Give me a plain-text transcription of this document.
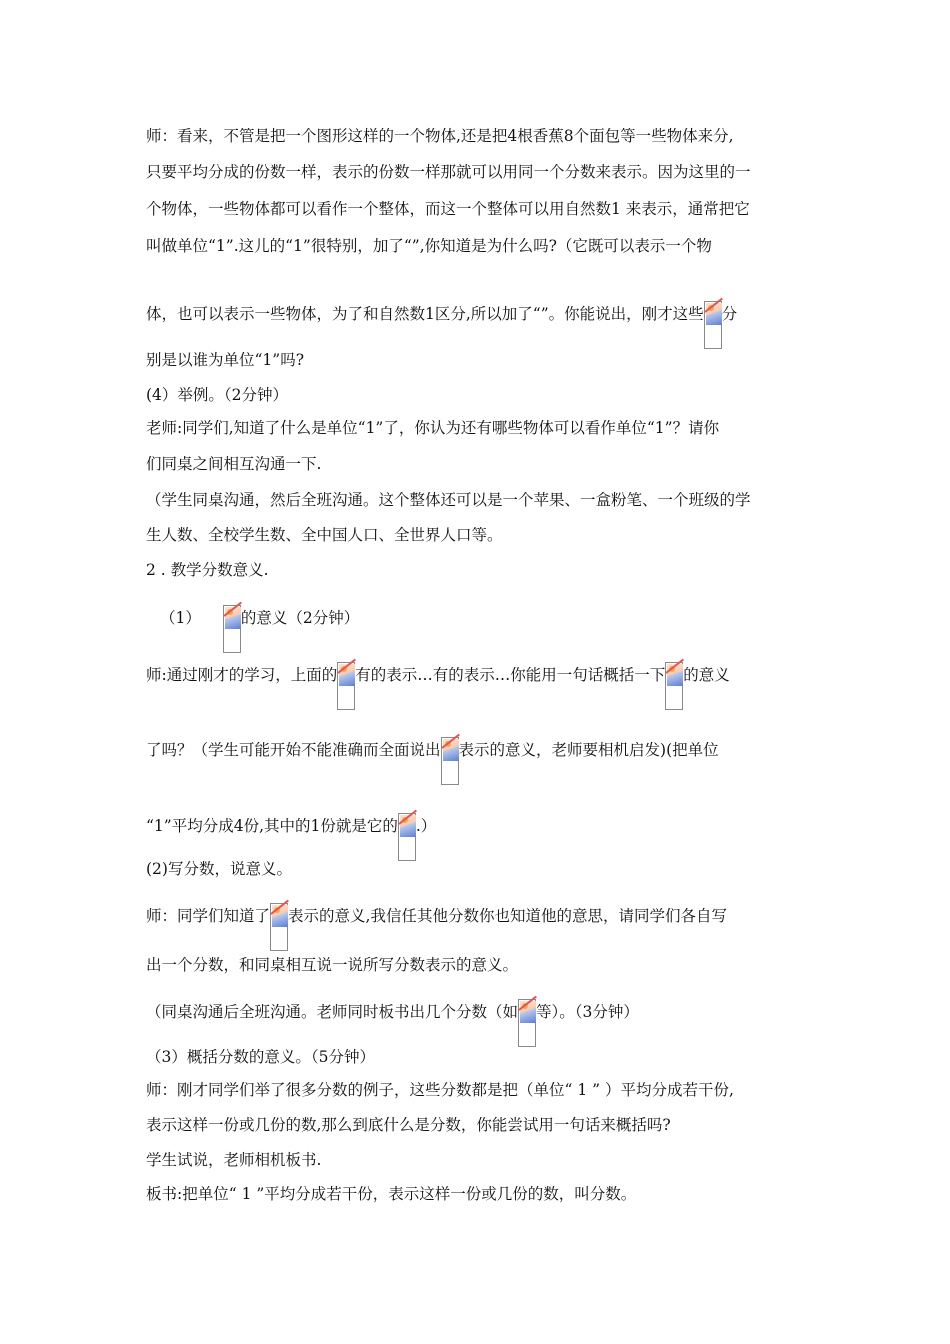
师：看来，不管是把一个图形这样的一个物体,还是把4根香蕉8个面包等一些物体来分,
只要平均分成的份数一样，表示的份数一样那就可以用同一个分数来表示。因为这里的一
个物体，一些物体都可以看作一个整体，而这一个整体可以用自然数1 来表示，通常把它
叫做单位“1”.这儿的“1”很特别，加了“”,你知道是为什么吗?（它既可以表示一个物
体，也可以表示一些物体，为了和自然数1区分,所以加了“”。你能说出，刚才这些 分
别是以谁为单位“1”吗?
(4）举例。（2分钟）
老师:同学们,知道了什么是单位“1”了，你认为还有哪些物体可以看作单位“1”？请你
们同桌之间相互沟通一下.
（学生同桌沟通，然后全班沟通。这个整体还可以是一个苹果、一盒粉笔、一个班级的学
生人数、全校学生数、全中国人口、全世界人口等。
2 . 教学分数意义.
（1）	的意义（2分钟）
师:通过刚才的学习，上面的 有的表示…有的表示…你能用一句话概括一下 的意义
了吗？（学生可能开始不能准确而全面说出 表示的意义，老师要相机启发)(把单位
“1”平均分成4份,其中的1份就是它的 .）
(2)写分数，说意义。
师：同学们知道了 表示的意义,我信任其他分数你也知道他的意思，请同学们各自写
出一个分数，和同桌相互说一说所写分数表示的意义。
（同桌沟通后全班沟通。老师同时板书出几个分数（如 等）。（3分钟）
（3）概括分数的意义。（5分钟）
师：刚才同学们举了很多分数的例子，这些分数都是把（单位“ 1 ” ）平均分成若干份,
表示这样一份或几份的数,那么到底什么是分数，你能尝试用一句话来概括吗?
学生试说，老师相机板书.
板书:把单位“ 1 ”平均分成若干份，表示这样一份或几份的数，叫分数。
